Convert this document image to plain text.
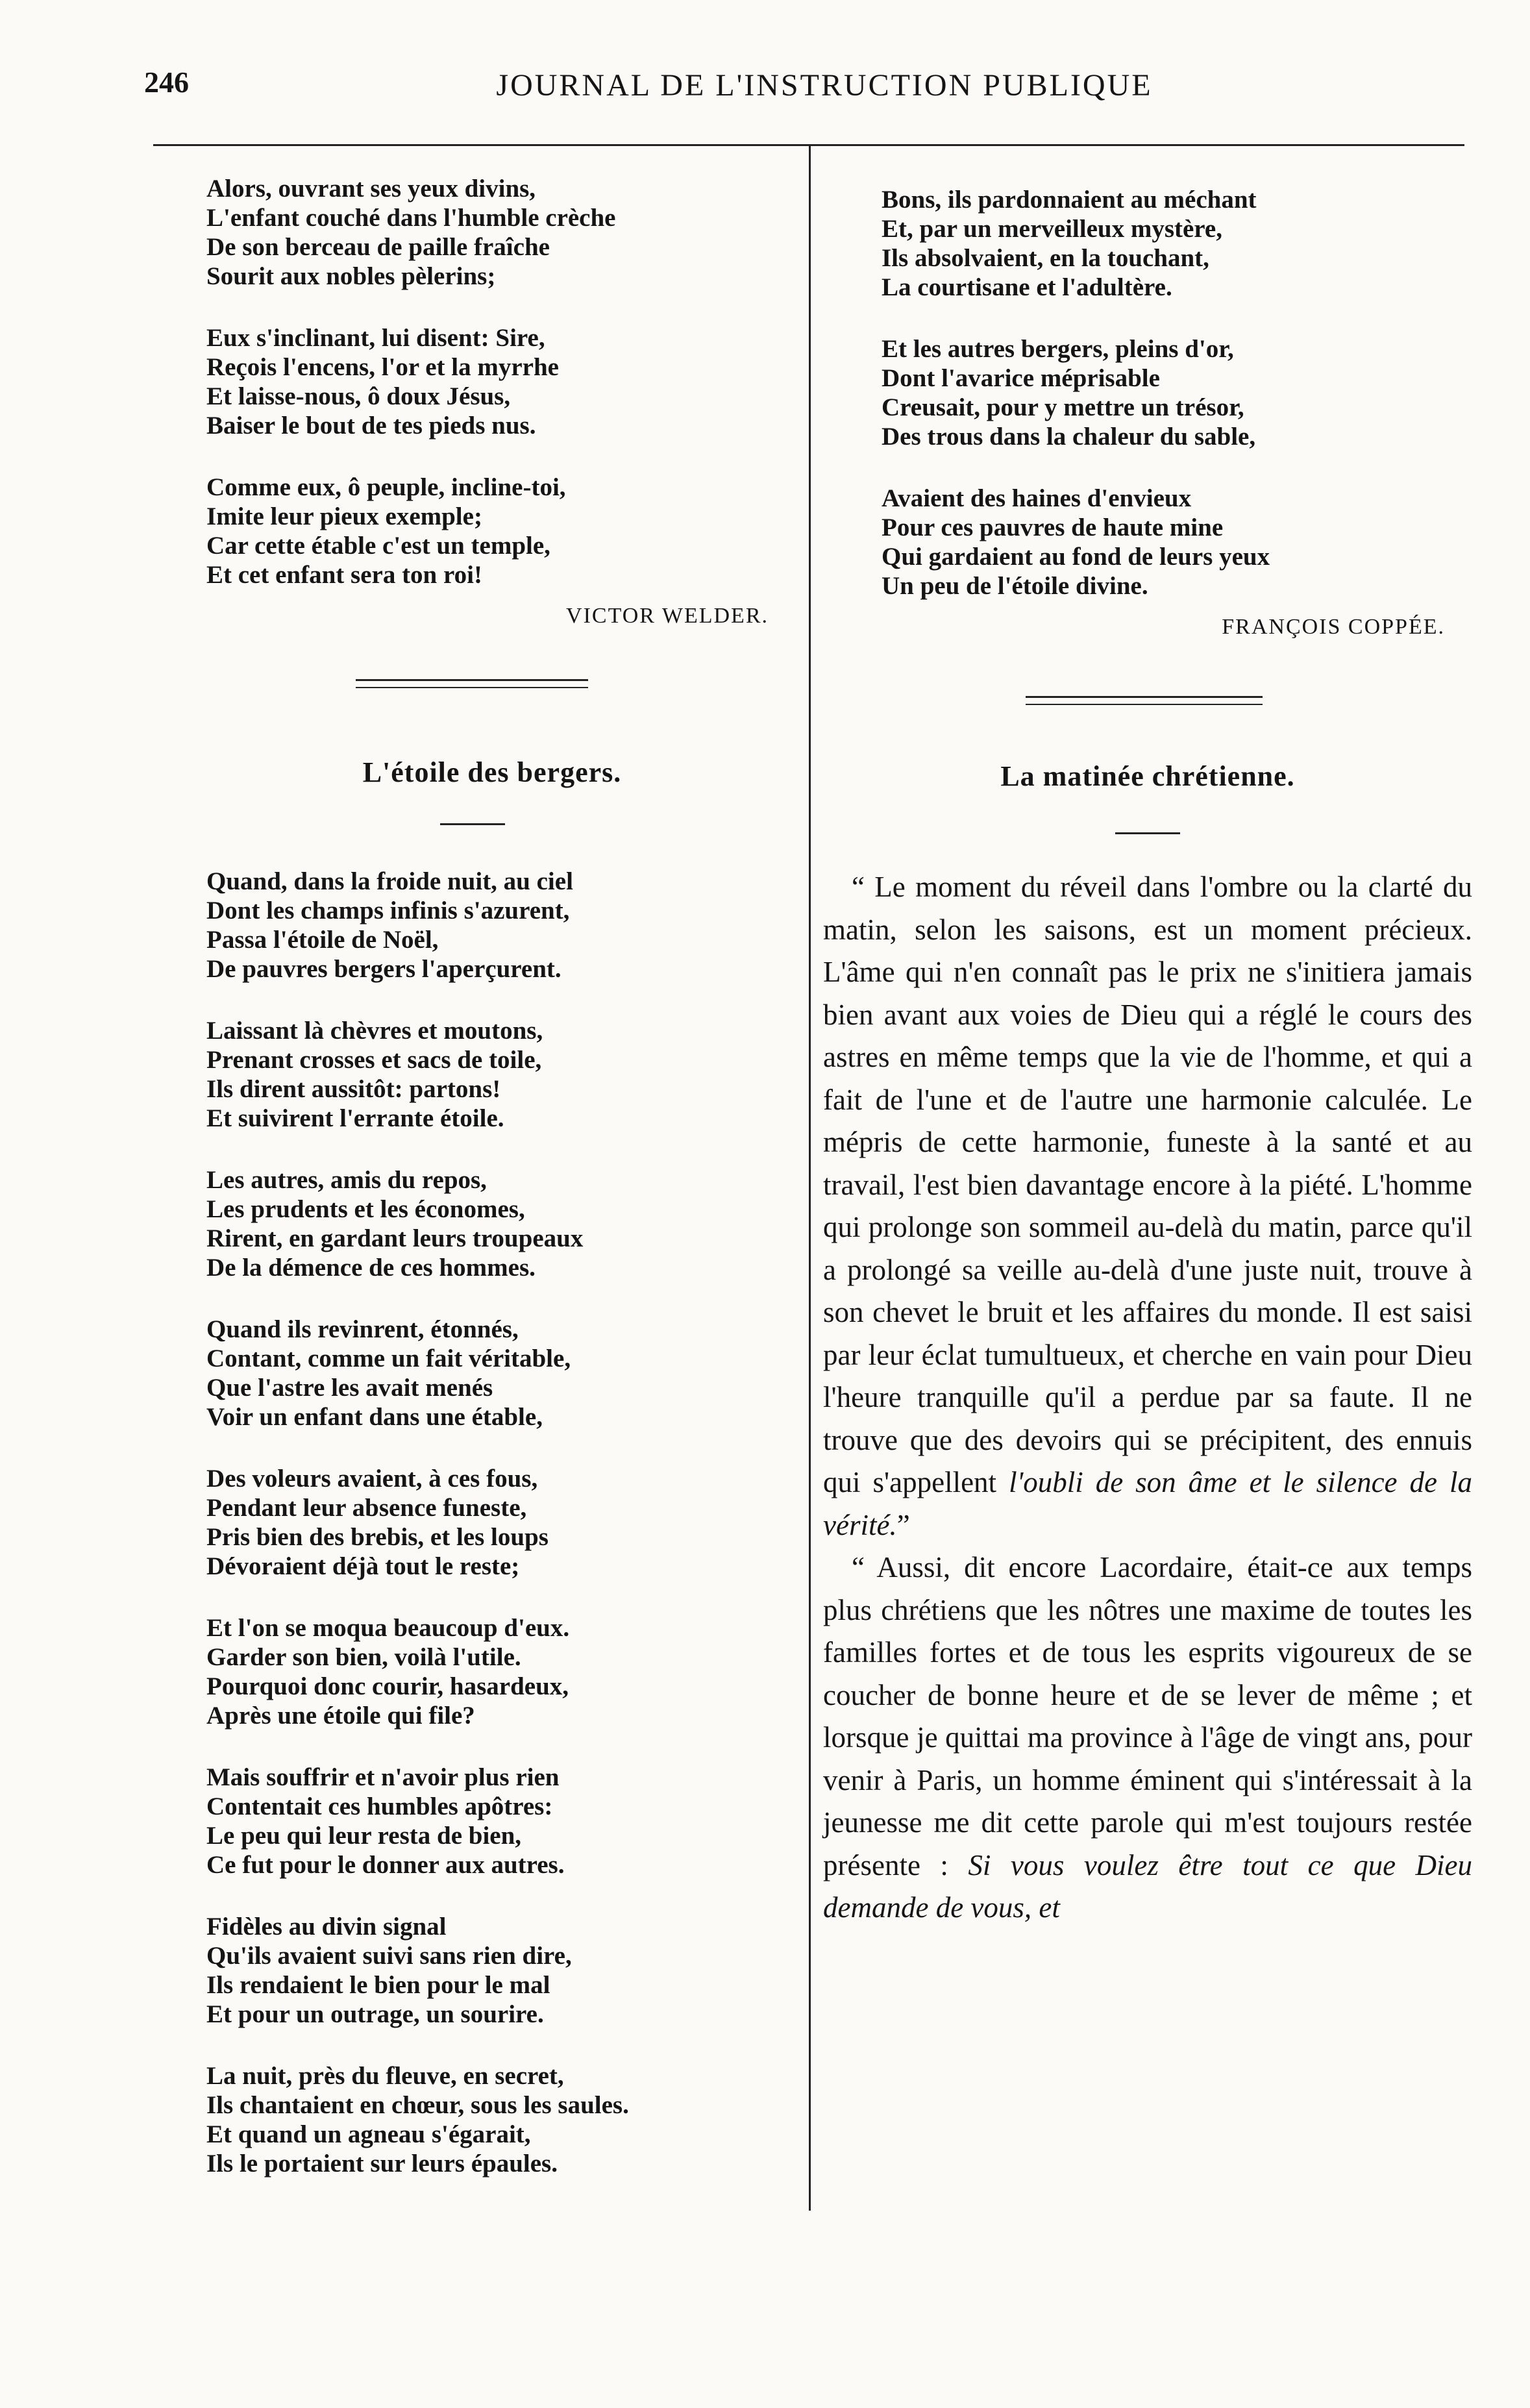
246	JOURNAL DE L'INSTRUCTION PUBLIQUE
Alors, ouvrant ses yeux divins,
L'enfant couché dans l'humble crèche
De son berceau de paille fraîche
Sourit aux nobles pèlerins;
Eux s'inclinant, lui disent: Sire,
Reçois l'encens, l'or et la myrrhe
Et laisse-nous, ô doux Jésus,
Baiser le bout de tes pieds nus.
Comme eux, ô peuple, incline-toi,
Imite leur pieux exemple;
Car cette étable c'est un temple,
Et cet enfant sera ton roi!
VICTOR WELDER.
L'étoile des bergers.
Quand, dans la froide nuit, au ciel
Dont les champs infinis s'azurent,
Passa l'étoile de Noël,
De pauvres bergers l'aperçurent.
Laissant là chèvres et moutons,
Prenant crosses et sacs de toile,
Ils dirent aussitôt: partons!
Et suivirent l'errante étoile.
Les autres, amis du repos,
Les prudents et les économes,
Rirent, en gardant leurs troupeaux
De la démence de ces hommes.
Quand ils revinrent, étonnés,
Contant, comme un fait véritable,
Que l'astre les avait menés
Voir un enfant dans une étable,
Des voleurs avaient, à ces fous,
Pendant leur absence funeste,
Pris bien des brebis, et les loups
Dévoraient déjà tout le reste;
Et l'on se moqua beaucoup d'eux.
Garder son bien, voilà l'utile.
Pourquoi donc courir, hasardeux,
Après une étoile qui file?
Mais souffrir et n'avoir plus rien
Contentait ces humbles apôtres:
Le peu qui leur resta de bien,
Ce fut pour le donner aux autres.
Fidèles au divin signal
Qu'ils avaient suivi sans rien dire,
Ils rendaient le bien pour le mal
Et pour un outrage, un sourire.
La nuit, près du fleuve, en secret,
Ils chantaient en chœur, sous les saules.
Et quand un agneau s'égarait,
Ils le portaient sur leurs épaules.
Bons, ils pardonnaient au méchant
Et, par un merveilleux mystère,
Ils absolvaient, en la touchant,
La courtisane et l'adultère.
Et les autres bergers, pleins d'or,
Dont l'avarice méprisable
Creusait, pour y mettre un trésor,
Des trous dans la chaleur du sable,
Avaient des haines d'envieux
Pour ces pauvres de haute mine
Qui gardaient au fond de leurs yeux
Un peu de l'étoile divine.
FRANÇOIS COPPÉE.
La matinée chrétienne.

“ Le moment du réveil dans l'ombre ou la clarté du matin, selon les saisons, est un moment précieux. L'âme qui n'en connaît pas le prix ne s'initiera jamais bien avant aux voies de Dieu qui a réglé le cours des astres en même temps que la vie de l'homme, et qui a fait de l'une et de l'autre une harmonie calculée. Le mépris de cette harmonie, funeste à la santé et au travail, l'est bien davantage encore à la piété. L'homme qui prolonge son sommeil au-delà du matin, parce qu'il a prolongé sa veille au-delà d'une juste nuit, trouve à son chevet le bruit et les affaires du monde. Il est saisi par leur éclat tumultueux, et cherche en vain pour Dieu l'heure tranquille qu'il a perdue par sa faute. Il ne trouve que des devoirs qui se précipitent, des ennuis qui s'appellent l'oubli de son âme et le silence de la vérité.”

“ Aussi, dit encore Lacordaire, était-ce aux temps plus chrétiens que les nôtres une maxime de toutes les familles fortes et de tous les esprits vigoureux de se coucher de bonne heure et de se lever de même ; et lorsque je quittai ma province à l'âge de vingt ans, pour venir à Paris, un homme éminent qui s'intéressait à la jeunesse me dit cette parole qui m'est toujours restée présente : Si vous voulez être tout ce que Dieu demande de vous, et
